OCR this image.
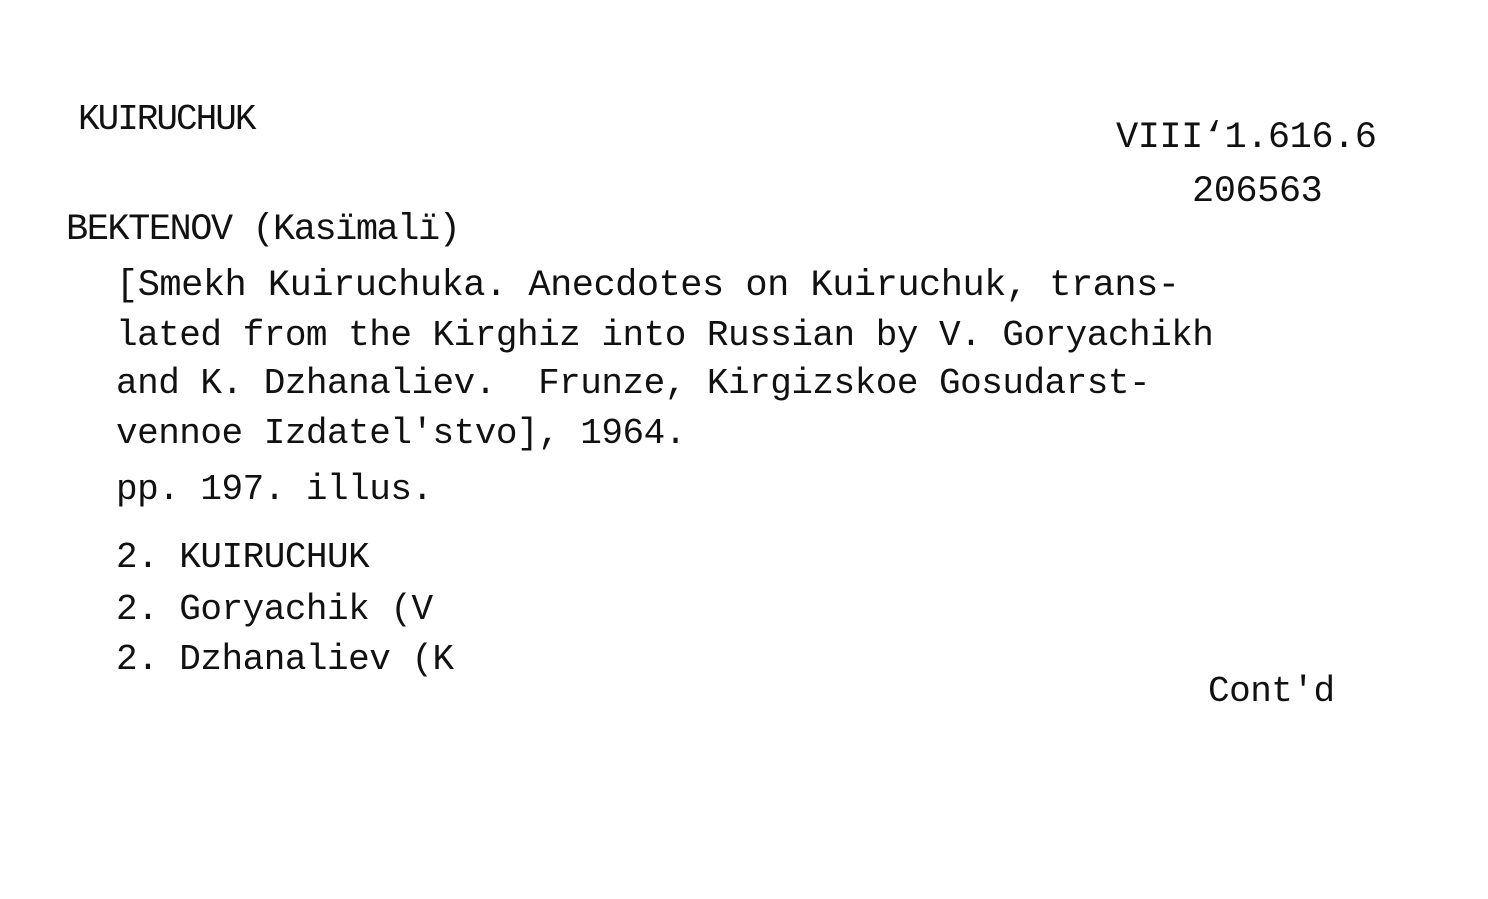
KUIRUCHUK	VIII‘1.616.6
206563
BEKTENOV (Kasïmalï)
[Smekh Kuiruchuka. Anecdotes on Kuiruchuk, trans-
lated from the Kirghiz into Russian by V. Goryachikh
and K. Dzhanaliev.  Frunze, Kirgizskoe Gosudarst-
vennoe Izdatel'stvo], 1964.
pp. 197. illus.
2. KUIRUCHUK
2. Goryachik (V
2. Dzhanaliev (K
Cont'd
